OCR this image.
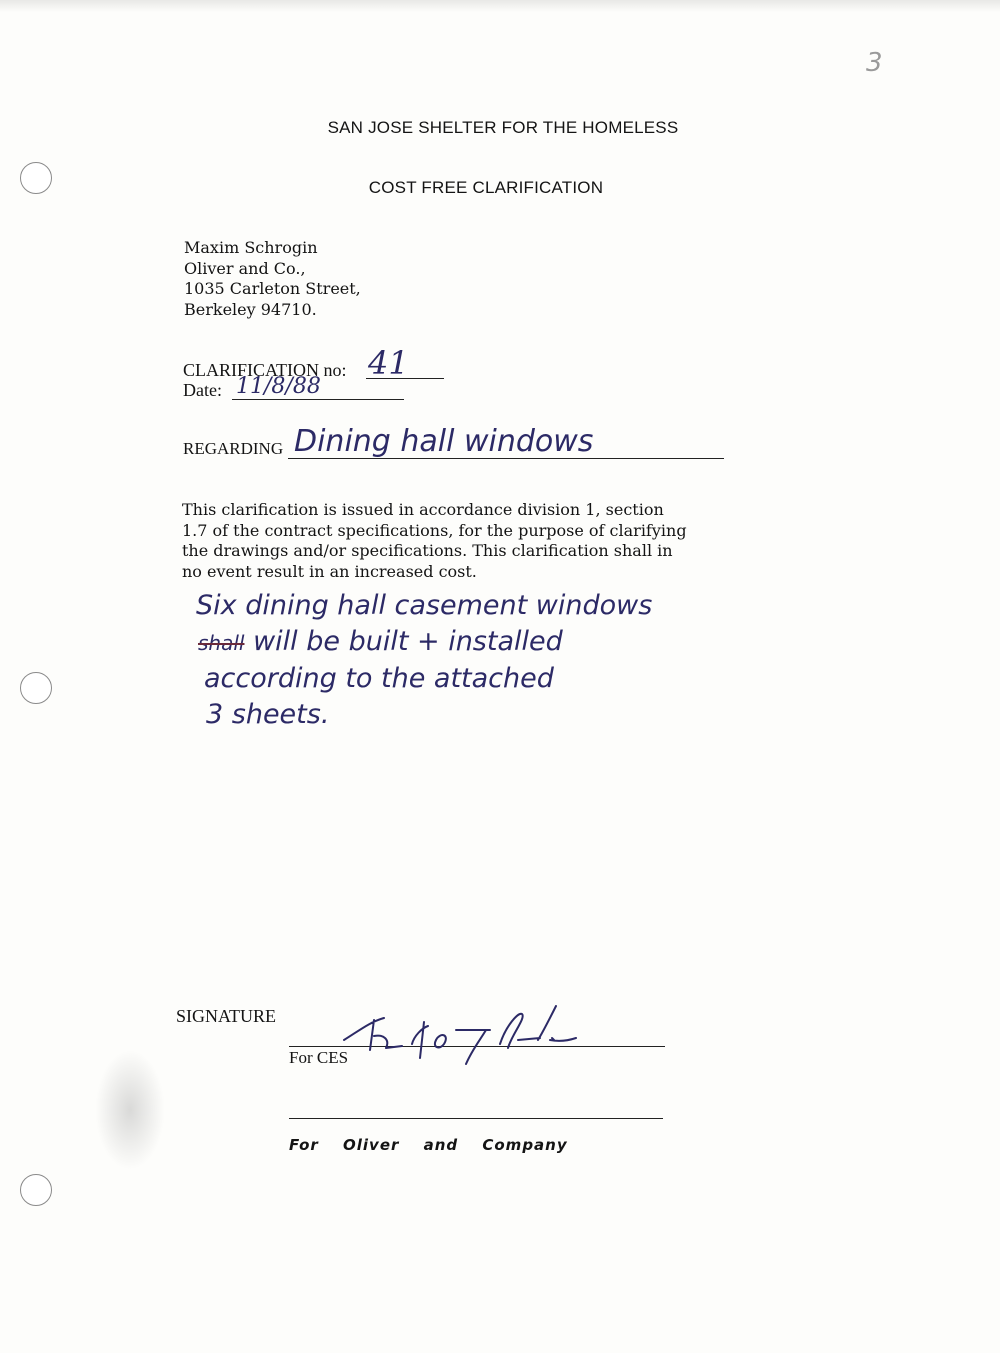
3
SAN JOSE SHELTER FOR THE HOMELESS
COST FREE CLARIFICATION
Maxim Schrogin
Oliver and Co.,
1035 Carleton Street,
Berkeley 94710.
CLARIFICATION no: 41
Date: 11/8/88
REGARDING Dining hall windows
This clarification is issued in accordance division 1, section
1.7 of the contract specifications, for the purpose of clarifying
the drawings and/or specifications. This clarification shall in
no event result in an increased cost.
Six dining hall casement windows
shall will be built + installed
according to the attached
3 sheets.
SIGNATURE
For CES
For Oliver and Company
